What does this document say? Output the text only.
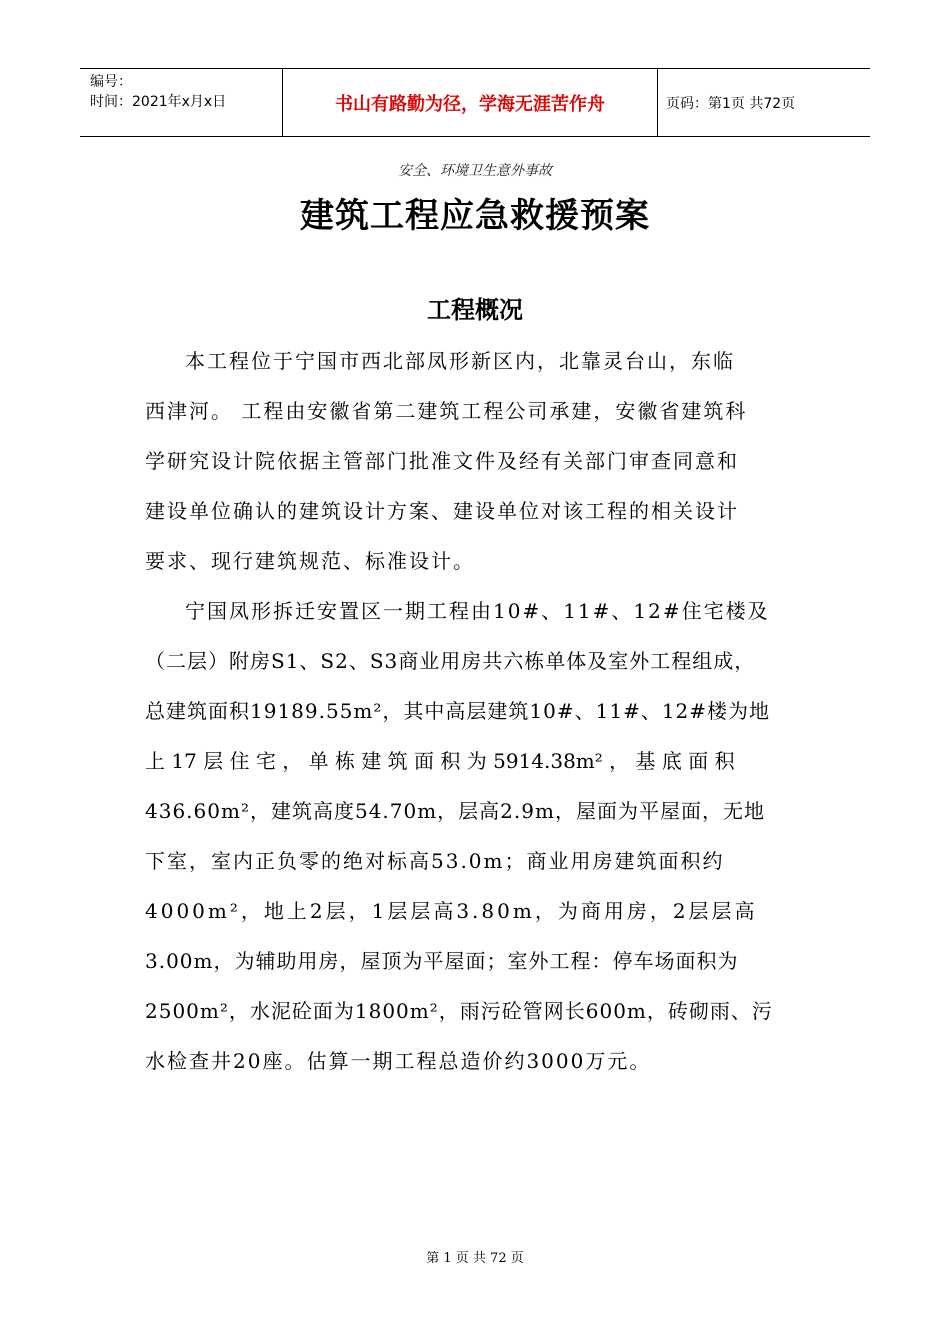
编号：
时间：2021年x月x日	书山有路勤为径，学海无涯苦作舟	页码：第1页 共72页
安全、环境卫生意外事故
建筑工程应急救援预案
工程概况
本工程位于宁国市西北部凤形新区内，北靠灵台山，东临
西津河。 工程由安徽省第二建筑工程公司承建，安徽省建筑科
学研究设计院依据主管部门批准文件及经有关部门审查同意和
建设单位确认的建筑设计方案、建设单位对该工程的相关设计
要求、现行建筑规范、标准设计。
宁国凤形拆迁安置区一期工程由10#、11#、12#住宅楼及
（二层）附房S1、S2、S3商业用房共六栋单体及室外工程组成，
总建筑面积19189.55m²，其中高层建筑10#、11#、12#楼为地
上 17 层 住 宅 ， 单 栋 建 筑 面 积 为 5914.38m² ， 基 底 面 积
436.60m²，建筑高度54.70m，层高2.9m，屋面为平屋面，无地
下室，室内正负零的绝对标高53.0m；商业用房建筑面积约
4000m²，地上2层，1层层高3.80m，为商用房，2层层高
3.00m，为辅助用房，屋顶为平屋面；室外工程：停车场面积为
2500m²，水泥砼面为1800m²，雨污砼管网长600m，砖砌雨、污
水检查井20座。估算一期工程总造价约3000万元。
第 1 页 共 72 页
